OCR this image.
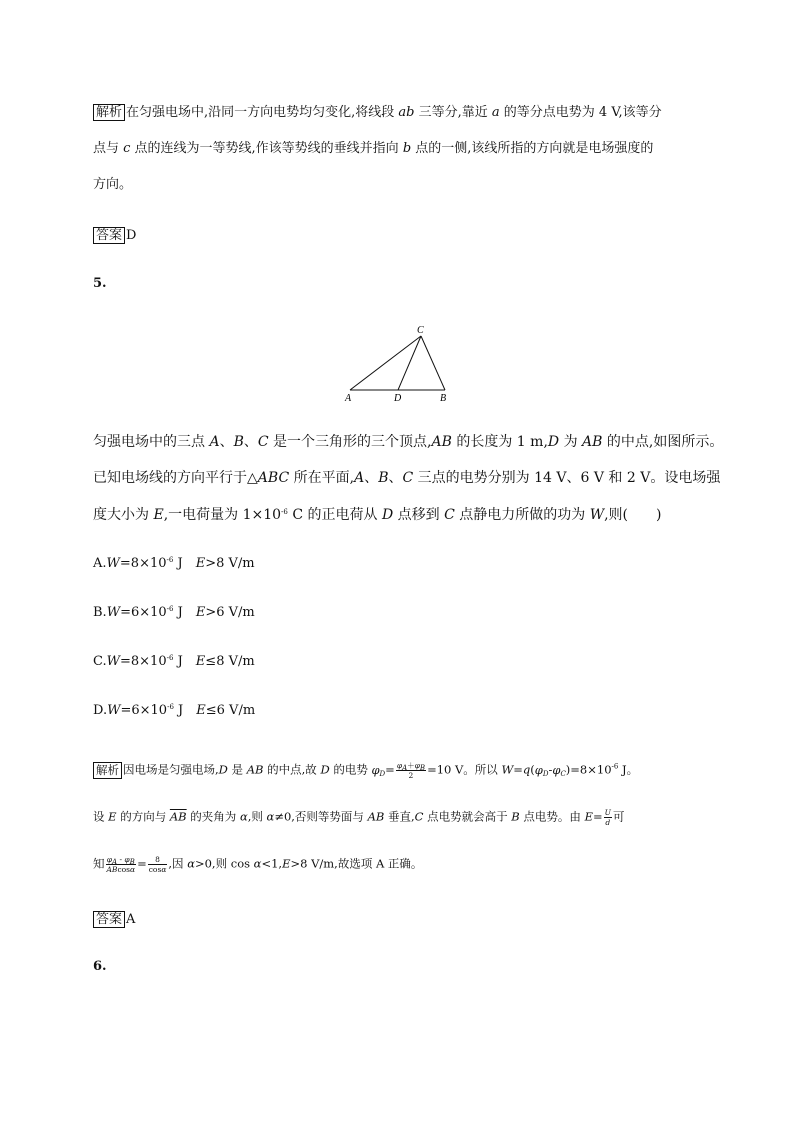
解析 在匀强电场中,沿同一方向电势均匀变化,将线段 ab 三等分,靠近 a 的等分点电势为 4 V,该等分
点与 c 点的连线为一等势线,作该等势线的垂线并指向 b 点的一侧,该线所指的方向就是电场强度的
方向。
答案 D
5.
C
A	D	B
匀强电场中的三点 A、B、C 是一个三角形的三个顶点,AB 的长度为 1 m,D 为 AB 的中点,如图所示。
已知电场线的方向平行于△ABC 所在平面,A、B、C 三点的电势分别为 14 V、6 V 和 2 V。设电场强
度大小为 E,一电荷量为 $1\times 10^{-6}$ C 的正电荷从 D 点移到 C 点静电力所做的功为 W,则(　　)
$A.W=8\times 10^{-6}$ J　E>8 V/m
$B.W=6\times 10^{-6}$ J　E>6 V/m
$C.W=8\times 10^{-6}$ J　E≤8 V/m
$D.W=6\times 10^{-6}$ J　E≤6 V/m
解析 因电场是匀强电场,D 是 AB 的中点,故 D 的电势 $\varphi_D= \frac{\varphi_A+\varphi_B}{2} =10$ V。所以 $W=q(\varphi_D-\varphi_C)=8\times 10^{-6}$ J。
设 E 的方向与 $\overline{AB}$ 的夹角为 α,则 α≠0,否则等势面与 AB 垂直,C 点电势就会高于 B 点电势。由 $E= \frac{U}{d}$ 可
知 $\frac{\varphi_A - \varphi_B}{ABcos\alpha} = \frac{8}{\cos\alpha}$ ,因 α>0,则 cos α<1,E>8 V/m,故选项 A 正确。
答案 A
6.
